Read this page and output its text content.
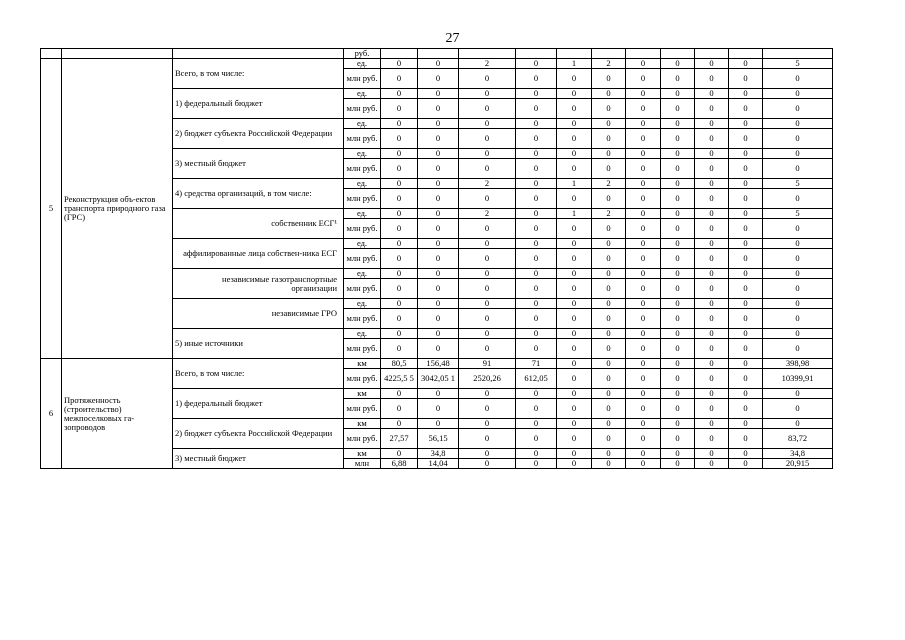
27
			руб.											
5	Реконструкция объ-ектов транспорта природного газа (ГРС)	Всего, в том числе:	ед.	0	0	2	0	1	2	0	0	0	0	5
			млн руб.	0	0	0	0	0	0	0	0	0	0	0
		1) федеральный бюджет	ед.	0	0	0	0	0	0	0	0	0	0	0
			млн руб.	0	0	0	0	0	0	0	0	0	0	0
		2) бюджет субъекта Российской Федерации	ед.	0	0	0	0	0	0	0	0	0	0	0
			млн руб.	0	0	0	0	0	0	0	0	0	0	0
		3) местный бюджет	ед.	0	0	0	0	0	0	0	0	0	0	0
			млн руб.	0	0	0	0	0	0	0	0	0	0	0
		4) средства организаций, в том числе:	ед.	0	0	2	0	1	2	0	0	0	0	5
			млн руб.	0	0	0	0	0	0	0	0	0	0	0
		собственник ЕСГ¹	ед.	0	0	2	0	1	2	0	0	0	0	5
			млн руб.	0	0	0	0	0	0	0	0	0	0	0
		аффилированные лица собствен-ника ЕСГ	ед.	0	0	0	0	0	0	0	0	0	0	0
			млн руб.	0	0	0	0	0	0	0	0	0	0	0
		независимые газотранспортные организации	ед.	0	0	0	0	0	0	0	0	0	0	0
			млн руб.	0	0	0	0	0	0	0	0	0	0	0
		независимые ГРО	ед.	0	0	0	0	0	0	0	0	0	0	0
			млн руб.	0	0	0	0	0	0	0	0	0	0	0
		5) иные источники	ед.	0	0	0	0	0	0	0	0	0	0	0
			млн руб.	0	0	0	0	0	0	0	0	0	0	0
6	Протяженность (строительство) межпоселковых га-зопроводов	Всего, в том числе:	км	80,5	156,48	91	71	0	0	0	0	0	0	398,98
			млн руб.	4225,5 5	3042,05 1	2520,26	612,05	0	0	0	0	0	0	10399,91
		1) федеральный бюджет	км	0	0	0	0	0	0	0	0	0	0	0
			млн руб.	0	0	0	0	0	0	0	0	0	0	0
		2) бюджет субъекта Российской Федерации	км	0	0	0	0	0	0	0	0	0	0	0
			млн руб.	27,57	56,15	0	0	0	0	0	0	0	0	83,72
		3) местный бюджет	км	0	34,8	0	0	0	0	0	0	0	0	34,8
			млн	6,88	14,04	0	0	0	0	0	0	0	0	20,915
